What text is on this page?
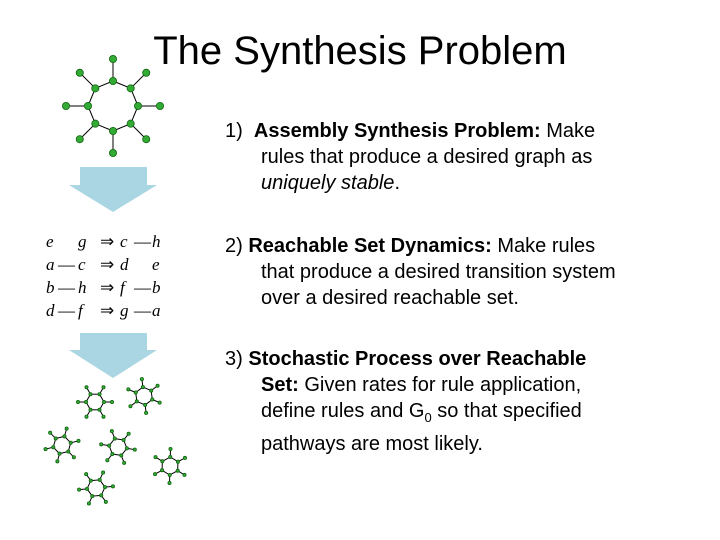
The Synthesis Problem
1) Assembly Synthesis Problem: Make
rules that produce a desired graph as
uniquely stable.
2) Reachable Set Dynamics: Make rules
that produce a desired transition system
over a desired reachable set.
3) Stochastic Process over Reachable
Set: Given rates for rule application,
define rules and $G_0$ so that specified
pathways are most likely.
e	g ⇒ c — h
a — c ⇒ d	e
b — h ⇒ f — b
d — f	⇒ g — a
